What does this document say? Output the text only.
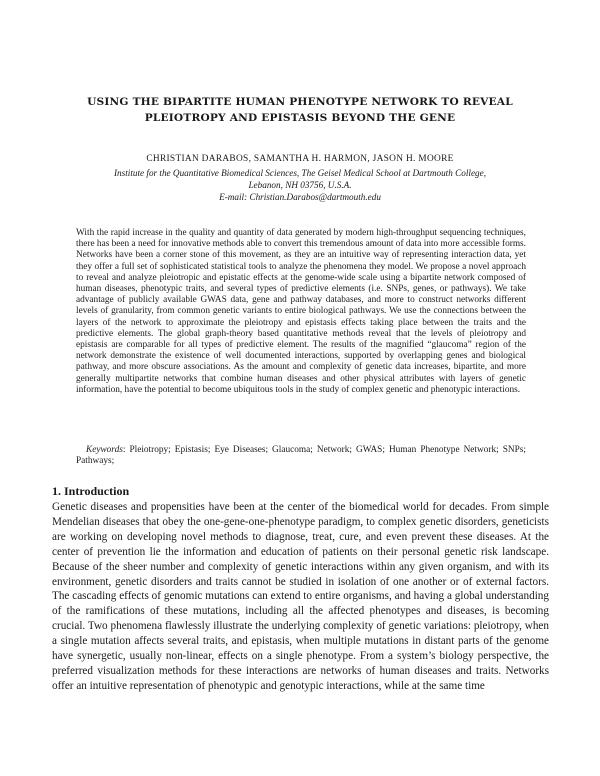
USING THE BIPARTITE HUMAN PHENOTYPE NETWORK TO REVEAL PLEIOTROPY AND EPISTASIS BEYOND THE GENE
CHRISTIAN DARABOS, SAMANTHA H. HARMON, JASON H. MOORE
Institute for the Quantitative Biomedical Sciences, The Geisel Medical School at Dartmouth College,
Lebanon, NH 03756, U.S.A.
E-mail: Christian.Darabos@dartmouth.edu

With the rapid increase in the quality and quantity of data generated by modern high-throughput sequencing techniques, there has been a need for innovative methods able to convert this tremendous amount of data into more accessible forms. Networks have been a corner stone of this movement, as they are an intuitive way of representing interaction data, yet they offer a full set of sophisticated statistical tools to analyze the phenomena they model. We propose a novel approach to reveal and analyze pleiotropic and epistatic effects at the genome-wide scale using a bipartite network composed of human diseases, phenotypic traits, and several types of predictive elements (i.e. SNPs, genes, or pathways). We take advantage of publicly available GWAS data, gene and pathway databases, and more to construct networks different levels of granularity, from common genetic variants to entire biological pathways. We use the connections between the layers of the network to approximate the pleiotropy and epistasis effects taking place between the traits and the predictive elements. The global graph-theory based quantitative methods reveal that the levels of pleiotropy and epistasis are comparable for all types of predictive element. The results of the magnified “glaucoma” region of the network demonstrate the existence of well documented interactions, supported by overlapping genes and biological pathway, and more obscure associations. As the amount and complexity of genetic data increases, bipartite, and more generally multipartite networks that combine human diseases and other physical attributes with layers of genetic information, have the potential to become ubiquitous tools in the study of complex genetic and phenotypic interactions.

Keywords: Pleiotropy; Epistasis; Eye Diseases; Glaucoma; Network; GWAS; Human Phenotype Network; SNPs; Pathways;

1. Introduction

Genetic diseases and propensities have been at the center of the biomedical world for decades. From simple Mendelian diseases that obey the one-gene-one-phenotype paradigm, to complex genetic disorders, geneticists are working on developing novel methods to diagnose, treat, cure, and even prevent these diseases. At the center of prevention lie the information and education of patients on their personal genetic risk landscape. Because of the sheer number and complexity of genetic interactions within any given organism, and with its environment, genetic disorders and traits cannot be studied in isolation of one another or of external factors. The cascading effects of genomic mutations can extend to entire organisms, and having a global understanding of the ramifications of these mutations, including all the affected phenotypes and diseases, is becoming crucial. Two phenomena flawlessly illustrate the underlying complexity of genetic variations: pleiotropy, when a single mutation affects several traits, and epistasis, when multiple mutations in distant parts of the genome have synergetic, usually non-linear, effects on a single phenotype. From a system’s biology perspective, the preferred visualization methods for these interactions are networks of human diseases and traits. Networks offer an intuitive representation of phenotypic and genotypic interactions, while at the same time
